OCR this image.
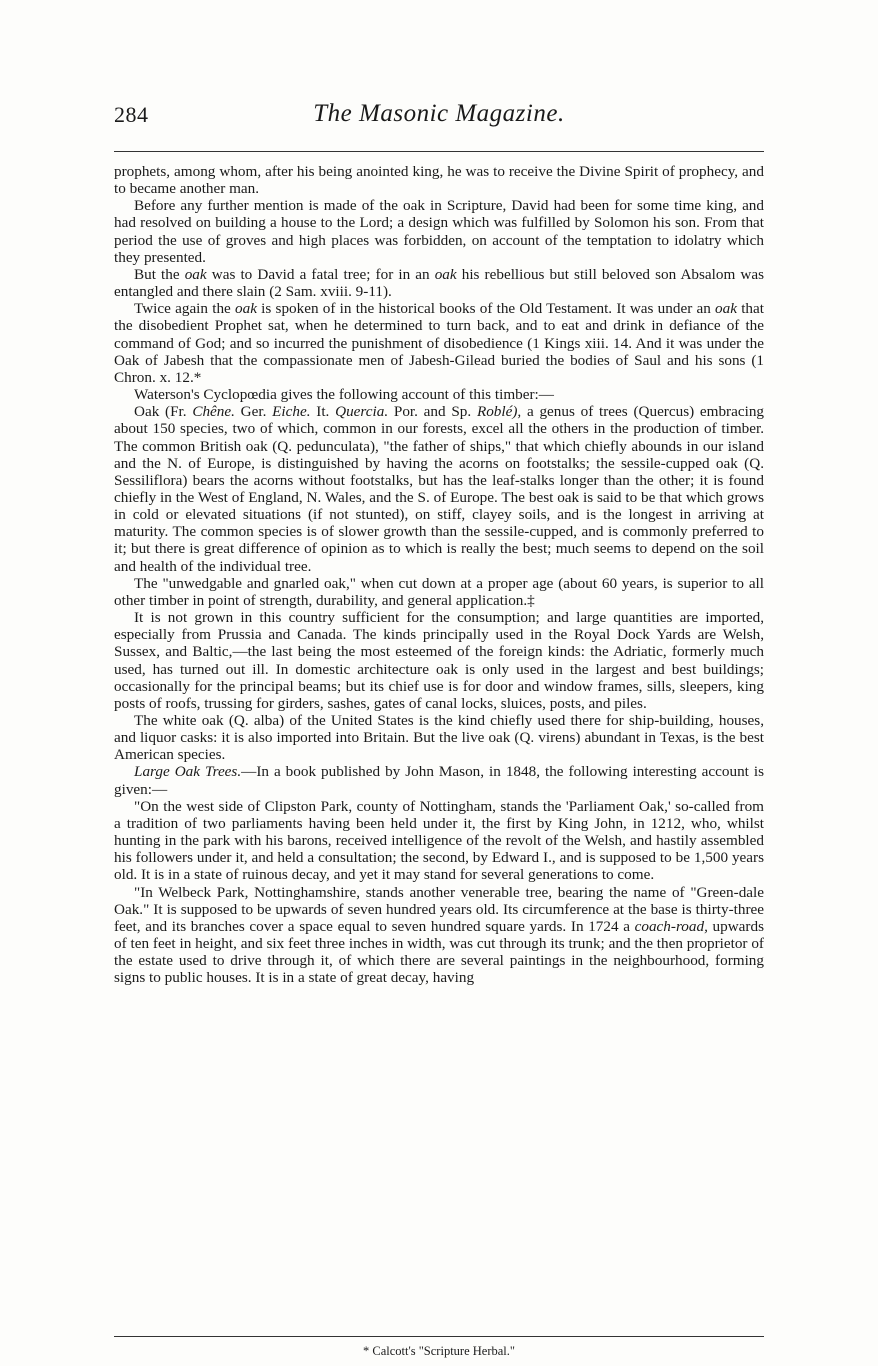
284	The Masonic Magazine.

prophets, among whom, after his being anointed king, he was to receive the Divine Spirit of prophecy, and to became another man.

Before any further mention is made of the oak in Scripture, David had been for some time king, and had resolved on building a house to the Lord; a design which was fulfilled by Solomon his son. From that period the use of groves and high places was forbidden, on account of the temptation to idolatry which they presented.

But the oak was to David a fatal tree; for in an oak his rebellious but still beloved son Absalom was entangled and there slain (2 Sam. xviii. 9-11).

Twice again the oak is spoken of in the historical books of the Old Testament. It was under an oak that the disobedient Prophet sat, when he determined to turn back, and to eat and drink in defiance of the command of God; and so incurred the punishment of disobedience (1 Kings xiii. 14. And it was under the Oak of Jabesh that the compassionate men of Jabesh-Gilead buried the bodies of Saul and his sons (1 Chron. x. 12.*

Waterson's Cyclopœdia gives the following account of this timber:—

Oak (Fr. Chêne. Ger. Eiche. It. Quercia. Por. and Sp. Roblé), a genus of trees (Quercus) embracing about 150 species, two of which, common in our forests, excel all the others in the production of timber. The common British oak (Q. pedunculata), "the father of ships," that which chiefly abounds in our island and the N. of Europe, is distinguished by having the acorns on footstalks; the sessile-cupped oak (Q. Sessiliflora) bears the acorns without footstalks, but has the leaf-stalks longer than the other; it is found chiefly in the West of England, N. Wales, and the S. of Europe. The best oak is said to be that which grows in cold or elevated situations (if not stunted), on stiff, clayey soils, and is the longest in arriving at maturity. The common species is of slower growth than the sessile-cupped, and is commonly preferred to it; but there is great difference of opinion as to which is really the best; much seems to depend on the soil and health of the individual tree.

The "unwedgable and gnarled oak," when cut down at a proper age (about 60 years, is superior to all other timber in point of strength, durability, and general application.‡

It is not grown in this country sufficient for the consumption; and large quantities are imported, especially from Prussia and Canada. The kinds principally used in the Royal Dock Yards are Welsh, Sussex, and Baltic,—the last being the most esteemed of the foreign kinds: the Adriatic, formerly much used, has turned out ill. In domestic architecture oak is only used in the largest and best buildings; occasionally for the principal beams; but its chief use is for door and window frames, sills, sleepers, king posts of roofs, trussing for girders, sashes, gates of canal locks, sluices, posts, and piles.

The white oak (Q. alba) of the United States is the kind chiefly used there for ship-building, houses, and liquor casks: it is also imported into Britain. But the live oak (Q. virens) abundant in Texas, is the best American species.

Large Oak Trees.—In a book published by John Mason, in 1848, the following interesting account is given:—

"On the west side of Clipston Park, county of Nottingham, stands the 'Parliament Oak,' so-called from a tradition of two parliaments having been held under it, the first by King John, in 1212, who, whilst hunting in the park with his barons, received intelligence of the revolt of the Welsh, and hastily assembled his followers under it, and held a consultation; the second, by Edward I., and is supposed to be 1,500 years old. It is in a state of ruinous decay, and yet it may stand for several generations to come.

"In Welbeck Park, Nottinghamshire, stands another venerable tree, bearing the name of "Green-dale Oak." It is supposed to be upwards of seven hundred years old. Its circumference at the base is thirty-three feet, and its branches cover a space equal to seven hundred square yards. In 1724 a coach-road, upwards of ten feet in height, and six feet three inches in width, was cut through its trunk; and the then proprietor of the estate used to drive through it, of which there are several paintings in the neighbourhood, forming signs to public houses. It is in a state of great decay, having

* Calcott's "Scripture Herbal."
